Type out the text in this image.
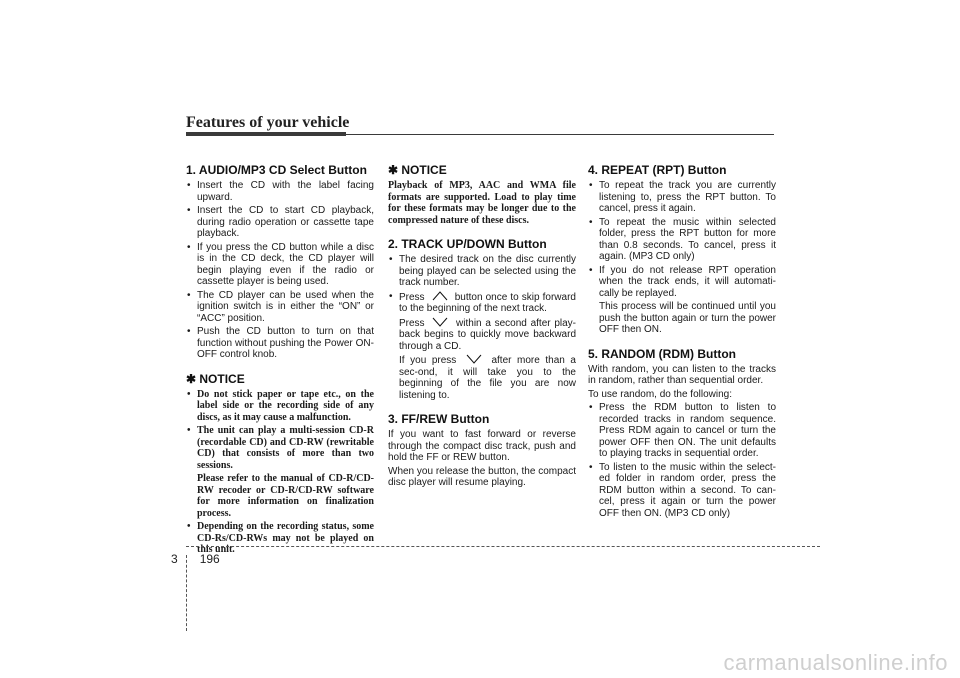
Features of your vehicle
1. AUDIO/MP3 CD Select Button
• Insert the CD with the label facing upward.
• Insert the CD to start CD playback, during radio operation or cassette tape playback.
• If you press the CD button while a disc is in the CD deck, the CD player will begin playing even if the radio or cassette player is being used.
• The CD player can be used when the ignition switch is in either the “ON” or “ACC” position.
• Push the CD button to turn on that function without pushing the Power ON-OFF control knob.
✱ NOTICE
• Do not stick paper or tape etc., on the label side or the recording side of any discs, as it may cause a malfunction.
• The unit can play a multi-session CD-R (recordable CD) and CD-RW (rewritable CD) that consists of more than two sessions.
Please refer to the manual of CD-R/CD-RW recoder or CD-R/CD-RW software for more information on finalization process.
• Depending on the recording status, some CD-Rs/CD-RWs may not be played on this unit.
✱ NOTICE

Playback of MP3, AAC and WMA file formats are supported. Load to play time for these formats may be longer due to the compressed nature of these discs.

2. TRACK UP/DOWN Button
• The desired track on the disc currently being played can be selected using the track number.
• Press	button once to skip forward to the beginning of the next track.
Press	within a second after play-back begins to quickly move backward through a CD.
If you press	after more than a sec-ond, it will take you to the beginning of the file you are now listening to.
3. FF/REW Button

If you want to fast forward or reverse through the compact disc track, push and hold the FF or REW button.

When you release the button, the compact disc player will resume playing.

4. REPEAT (RPT) Button
• To repeat the track you are currently listening to, press the RPT button. To cancel, press it again.
• To repeat the music within selected folder, press the RPT button for more than 0.8 seconds. To cancel, press it again. (MP3 CD only)
• If you do not release RPT operation when the track ends, it will automati-cally be replayed.
This process will be continued until you push the button again or turn the power OFF then ON.
5. RANDOM (RDM) Button

With random, you can listen to the tracks in random, rather than sequential order.

To use random, do the following:

• Press the RDM button to listen to recorded tracks in random sequence. Press RDM again to cancel or turn the power OFF then ON. The unit defaults to playing tracks in sequential order.
• To listen to the music within the select-ed folder in random order, press the RDM button within a second. To can-cel, press it again or turn the power OFF then ON. (MP3 CD only)
3 196
carmanualsonline.info
